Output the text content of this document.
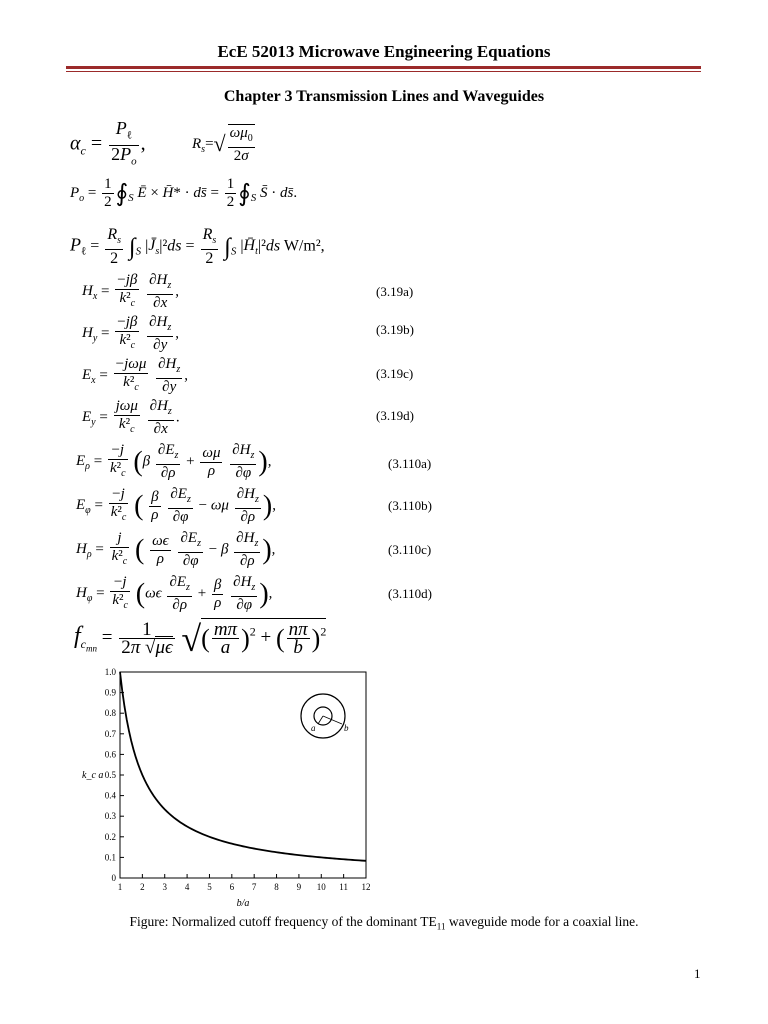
EcE 52013 Microwave Engineering Equations
Chapter 3 Transmission Lines and Waveguides
$\alpha_c = \frac{P_\ell}{2P_o}$ ,	$R_s=√ \frac{\omega\mu_0}{2\sigma}$
$P_o = \frac{1}{2}$ $∮_S$ Ē × H̄* · ds̄ = $\frac{1}{2}$ $∮_S$ S̄ · ds̄.
$P_\ell = \frac{R_s}{2} \int_S$ $|J̄_s|^2ds = \frac{R_s}{2} \int_S$ $|H̄_t|^2ds$ W/m²,
$H_x = \frac{-j\beta}{k^2_c}$
$\frac{\partial H_z}{\partial x}$ ,	(3.19a)
$H_y = \frac{-j\beta}{k^2_c}$
$\frac{\partial H_z}{\partial y}$ ,	(3.19b)
$E_x = \frac{\text{−jωμ}}{k^2_c}$
$\frac{\partial H_z}{\partial y}$ ,	(3.19c)
$E_y = \frac{\text{jωμ}}{k^2_c}$
$\frac{\partial H_z}{\partial x}$ .	(3.19d)
$E_\rho = \frac{-j}{k^2_c} (\beta \frac{\partial E_z}{\partial\rho} + \frac{\omega\mu}{\rho}$
$\frac{\partial H_z}{\partial\varphi}$ ),	(3.110a)
$E_\varphi = \frac{-j}{k^2_c}$ ( $\frac{\beta}{\rho}$
$\frac{\partial E_z}{\partial\varphi} - \omega\mu \frac{\partial H_z}{\partial\rho}$ ),	(3.110b)
$H_\rho = \frac{j}{k^2_c}$ ( $\frac{\omega\epsilon}{\rho}$
$\frac{\partial E_z}{\partial\varphi} - \beta \frac{\partial H_z}{\partial\rho}$ ),	(3.110c)
$H_\varphi = \frac{-j}{k^2_c} (\omega\epsilon \frac{\partial E_z}{\partial\rho} + \frac{\beta}{\rho}$
$\frac{\partial H_z}{\partial\varphi}$ ),	(3.110d)
$f_{c_{mn}} = \frac{1}{2\pi √\mu\epsilon}$ √( $\frac{m\pi}{a} )^2$ + ( $\frac{n\pi}{b} )^2$
0
0.1
0.2
0.3
0.4
0.5
0.6
0.7
0.8
0.9
1.0
1 2 3 4 5 6 7 8 9 10 11 12
k_c a
b/a
a	b
Figure: Normalized cutoff frequency of the dominant $TE_{11}$ waveguide mode for a coaxial line.
1
